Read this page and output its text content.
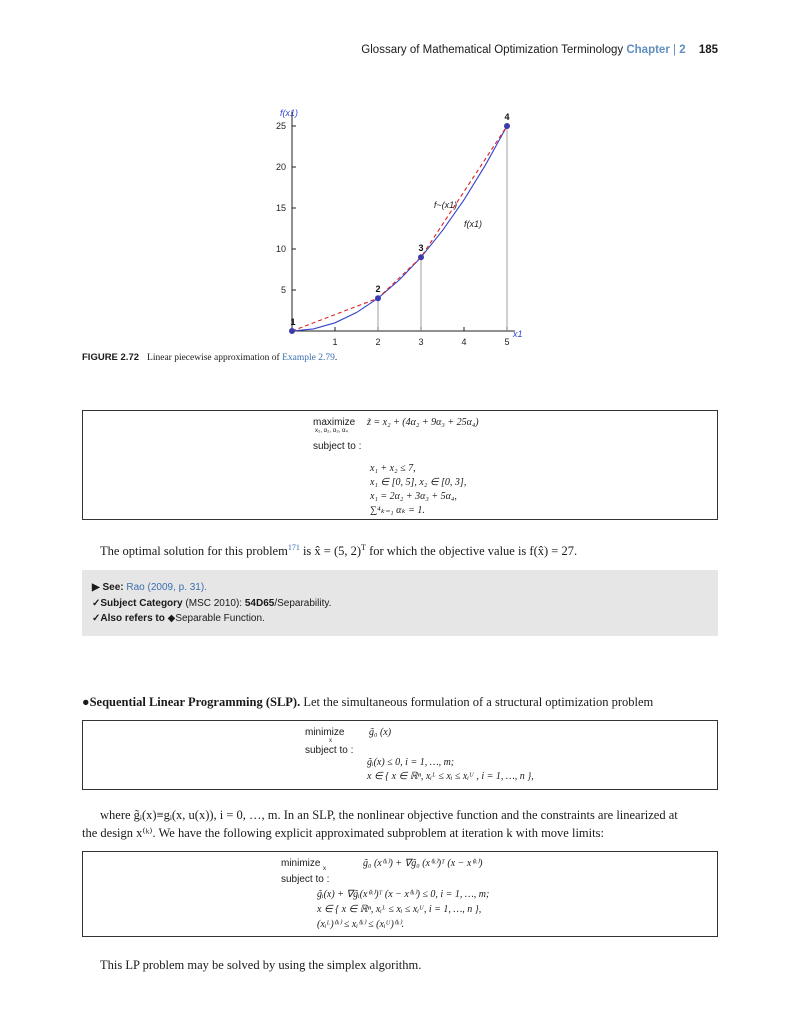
Glossary of Mathematical Optimization Terminology Chapter | 2 185
1	2	3	4	5
5
10
15
20
25
f(x1)
x1
1
2
3
4
f~(x1)
f(x1)
FIGURE 2.72 Linear piecewise approximation of Example 2.79.
maximize
x₂, α₂, α₃, α₄
z̃ = x₂ + (4α₂ + 9α₃ + 25α₄)
subject to :
x₁ + x₂ ≤ 7,
x₁ ∈ [0, 5], x₂ ∈ [0, 3],
x₁ = 2α₂ + 3α₃ + 5α₄,
∑⁴ₖ₌₁ αₖ = 1.
The optimal solution for this problem$^{171}$ is x̂ = (5, 2)$^T$ for which the objective value is f(x̂) = 27.
▶ See: Rao (2009, p. 31).
✓Subject Category (MSC 2010): 54D65/Separability.
✓Also refers to ◆Separable Function.
●Sequential Linear Programming (SLP). Let the simultaneous formulation of a structural optimization problem
minimize
x
g̃₀ (x)
subject to :
g̃ᵢ(x) ≤ 0, i = 1, …, m;
x ∈ { x ∈ ℝⁿ, xᵢᴸ ≤ xᵢ ≤ xᵢᵁ , i = 1, …, n },
where g̃ᵢ(x)≡gᵢ(x, u(x)), i = 0, …, m. In an SLP, the nonlinear objective function and the constraints are linearized at
the design x⁽ᵏ⁾. We have the following explicit approximated subproblem at iteration k with move limits:
minimize x	g̃₀ (x⁽ᵏ⁾) + ∇g̃₀ (x⁽ᵏ⁾)ᵀ (x − x⁽ᵏ⁾)
subject to :
g̃ᵢ(x) + ∇g̃ᵢ(x⁽ᵏ⁾)ᵀ (x − x⁽ᵏ⁾) ≤ 0, i = 1, …, m;
x ∈ { x ∈ ℝⁿ, xᵢᴸ ≤ xᵢ ≤ xᵢᵁ, i = 1, …, n },
(xᵢᴸ)⁽ᵏ⁾ ≤ xᵢ⁽ᵏ⁾ ≤ (xᵢᵁ)⁽ᵏ⁾.
This LP problem may be solved by using the simplex algorithm.
